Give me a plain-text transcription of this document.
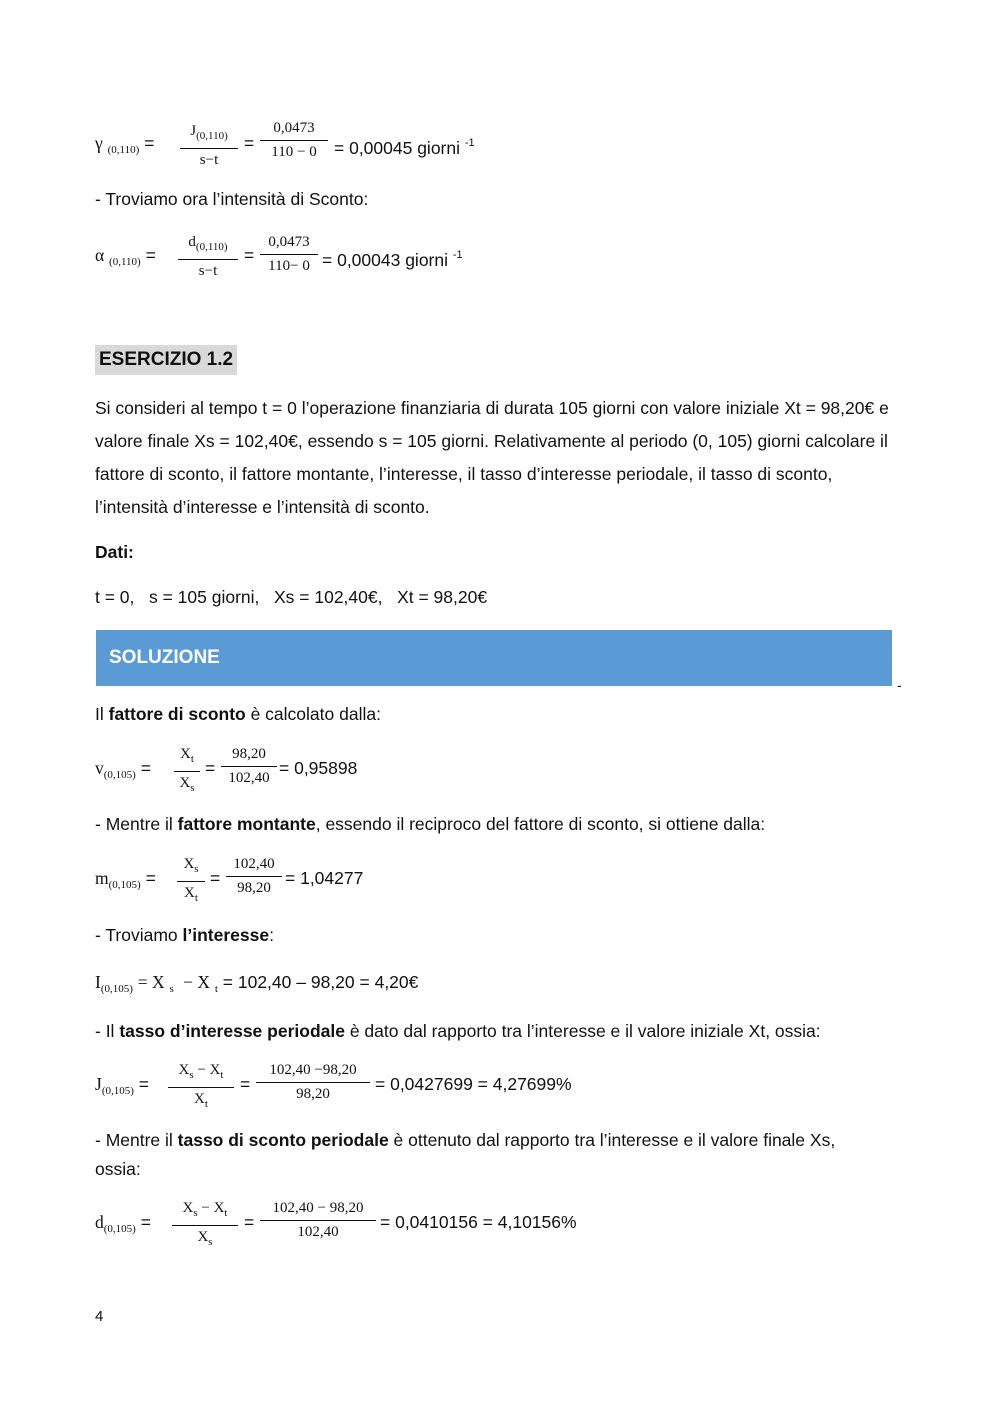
γ $_{(0,110)}$ =
$J_{(0,110)}$
s−t
=
0,0473
110 − 0 = 0,00045 giorni $^{-1}$
- Troviamo ora l’intensità di Sconto:
α $_{(0,110)}$ =
$d_{(0,110)}$
s−t
=
0,0473
110− 0 = 0,00043 giorni $^{-1}$
ESERCIZIO 1.2
Si consideri al tempo t = 0 l’operazione finanziaria di durata 105 giorni con valore iniziale Xt = 98,20€ e valore finale Xs = 102,40€, essendo s = 105 giorni. Relativamente al periodo (0, 105) giorni calcolare il fattore di sconto, il fattore montante, l’interesse, il tasso d’interesse periodale, il tasso di sconto, l’intensità d’interesse e l’intensità di sconto.
Dati:
t = 0,   s = 105 giorni,   Xs = 102,40€,   Xt = 98,20€
SOLUZIONE
-
Il fattore di sconto è calcolato dalla:
$v_{(0,105)}$ =
$X_t$
$X_s$
=
98,20
102,40 = 0,95898
- Mentre il fattore montante, essendo il reciproco del fattore di sconto, si ottiene dalla:
$m_{(0,105)}$ =
$X_s$
$X_t$
=
102,40
98,20 = 1,04277
- Troviamo l’interesse:
$I_{(0,105)} = X$ $_s$  − X $_t$ = 102,40 – 98,20 = 4,20€
- Il tasso d’interesse periodale è dato dal rapporto tra l’interesse e il valore iniziale Xt, ossia:
$J_{(0,105)}$ =
$X_s - X_t$
$X_t$
=
102,40 −98,20
98,20	= 0,0427699 = 4,27699%
- Mentre il tasso di sconto periodale è ottenuto dal rapporto tra l’interesse e il valore finale Xs,
ossia:
$d_{(0,105)}$ =
$X_s - X_t$
$X_s$
=
102,40 − 98,20
102,40	= 0,0410156 = 4,10156%
4
